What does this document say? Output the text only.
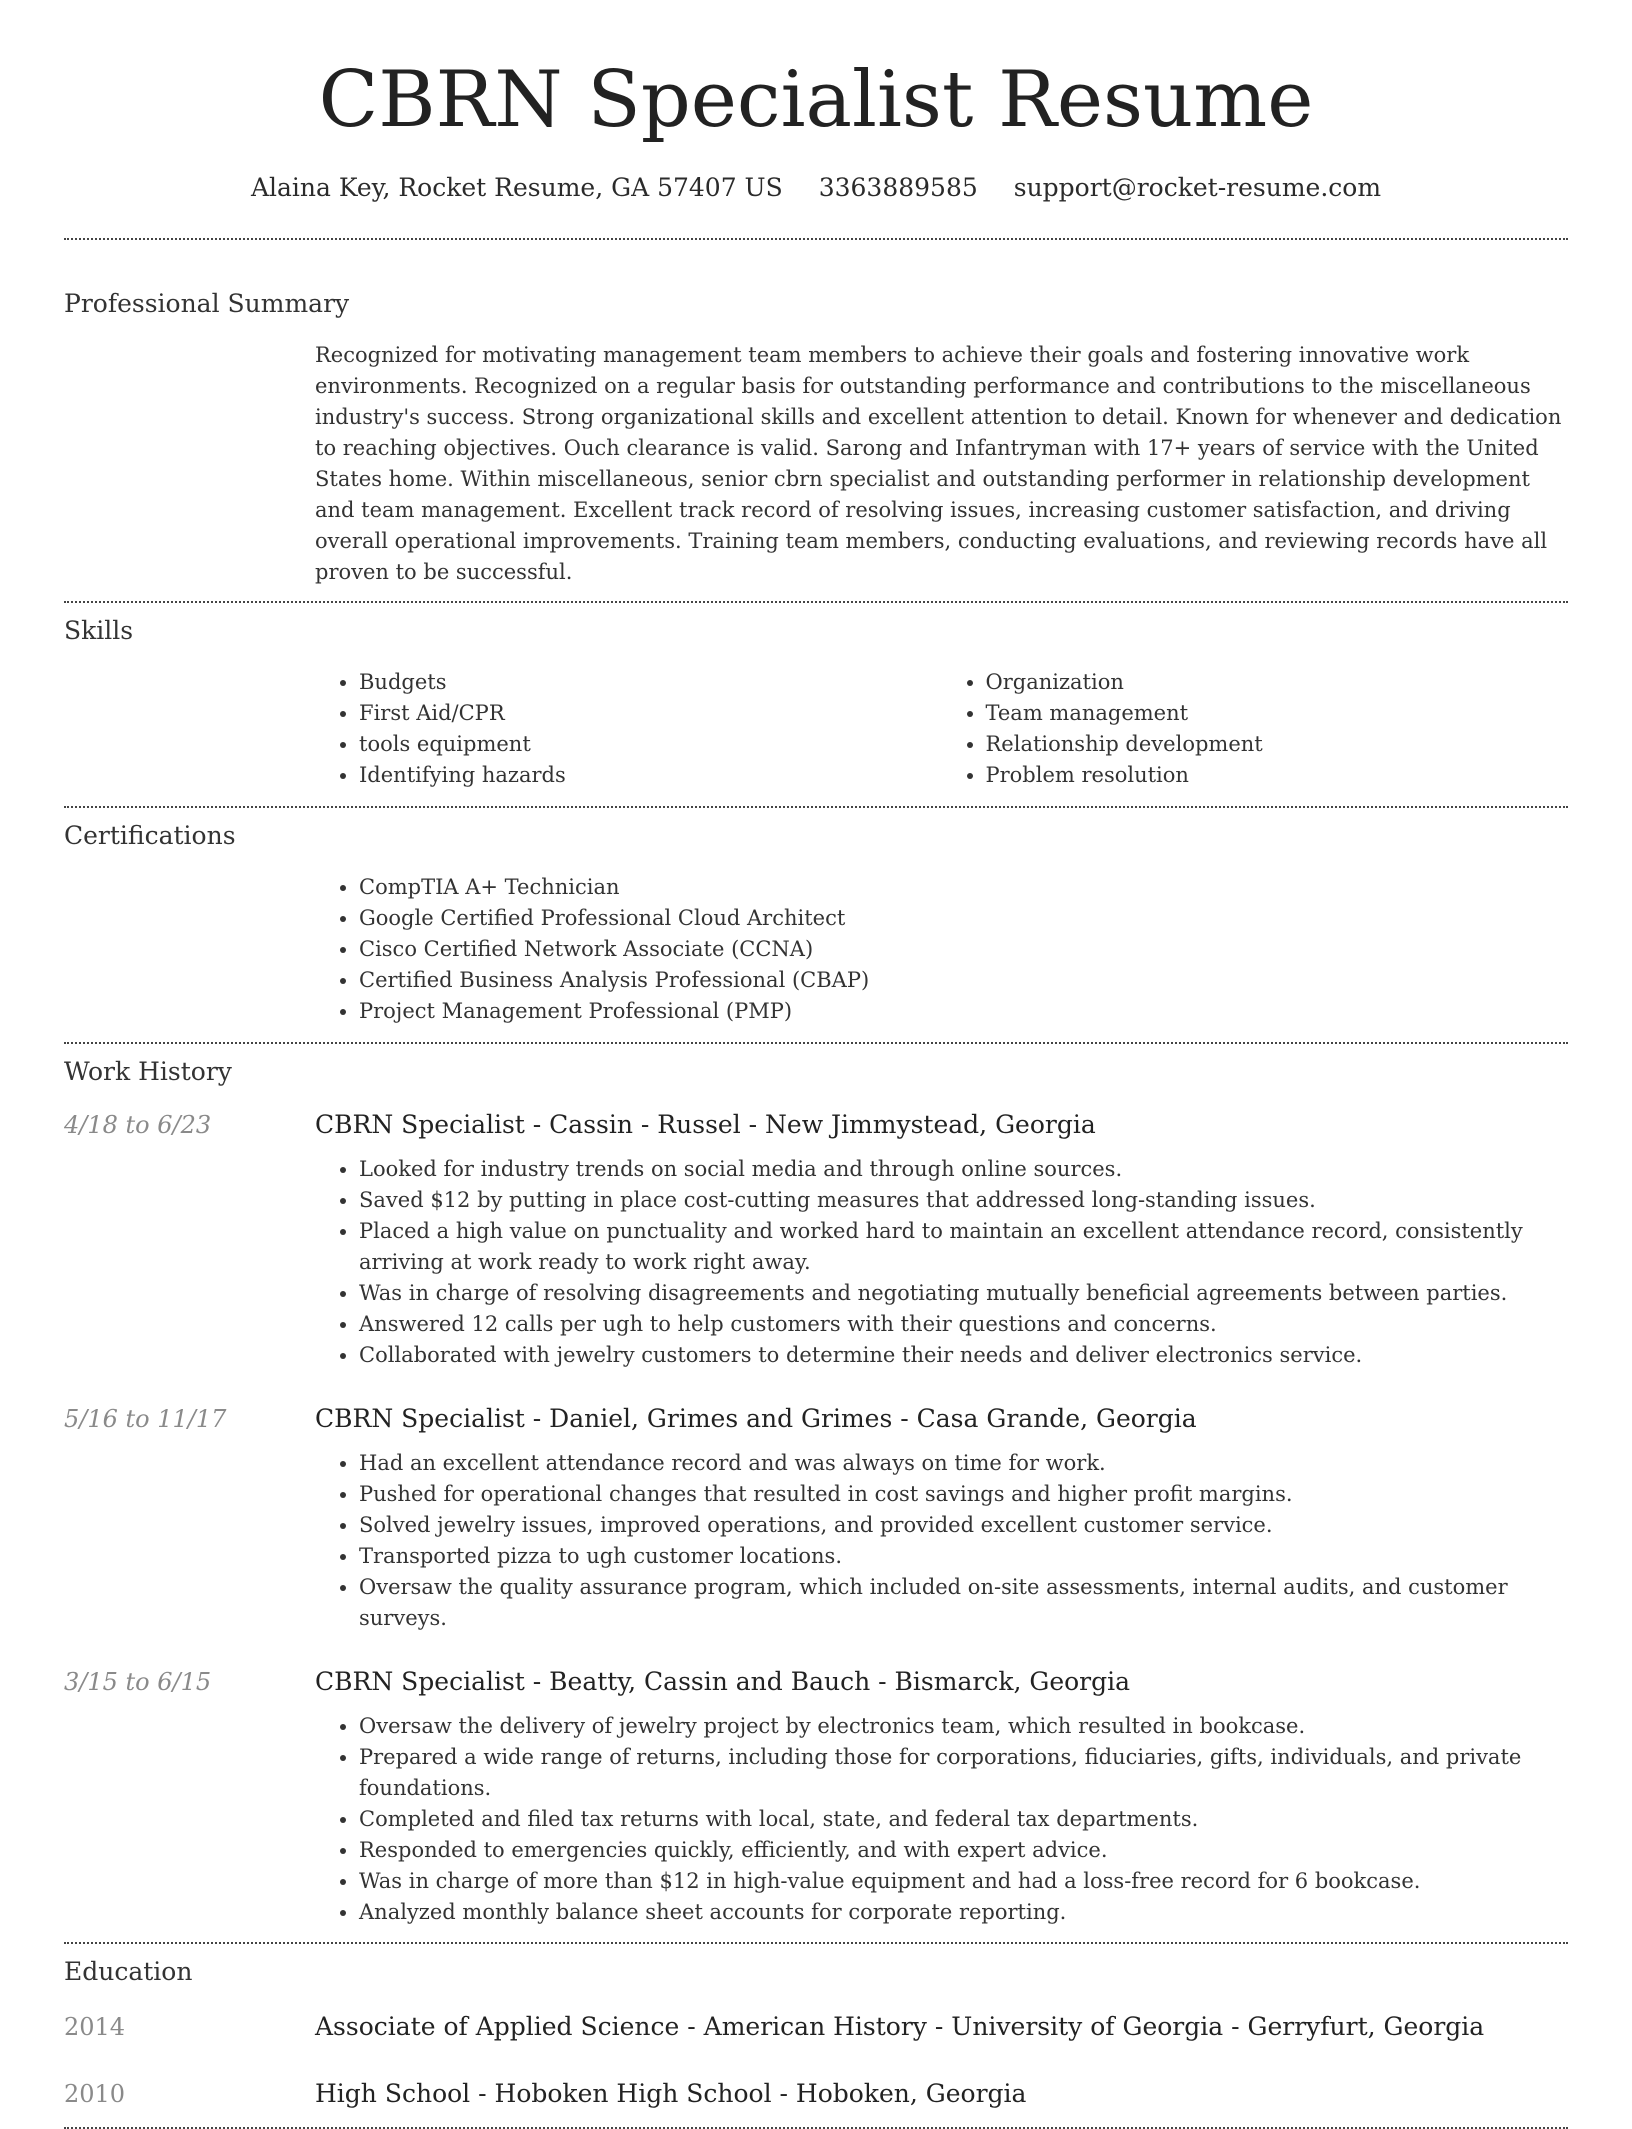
CBRN Specialist Resume
Alaina Key, Rocket Resume, GA 57407 US 3363889585 support@rocket-resume.com
Professional Summary

Recognized for motivating management team members to achieve their goals and fostering innovative work environments. Recognized on a regular basis for outstanding performance and contributions to the miscellaneous industry's success. Strong organizational skills and excellent attention to detail. Known for whenever and dedication to reaching objectives. Ouch clearance is valid. Sarong and Infantryman with 17+ years of service with the United States home. Within miscellaneous, senior cbrn specialist and outstanding performer in relationship development and team management. Excellent track record of resolving issues, increasing customer satisfaction, and driving overall operational improvements. Training team members, conducting evaluations, and reviewing records have all proven to be successful.

Skills
• Budgets
• First Aid/CPR
• tools equipment
• Identifying hazards
• Organization
• Team management
• Relationship development
• Problem resolution
Certifications
• CompTIA A+ Technician
• Google Certified Professional Cloud Architect
• Cisco Certified Network Associate (CCNA)
• Certified Business Analysis Professional (CBAP)
• Project Management Professional (PMP)
Work History
4/18 to 6/23	CBRN Specialist - Cassin - Russel - New Jimmystead, Georgia
• Looked for industry trends on social media and through online sources.
• Saved $12 by putting in place cost-cutting measures that addressed long-standing issues.
• Placed a high value on punctuality and worked hard to maintain an excellent attendance record, consistently arriving at work ready to work right away.
• Was in charge of resolving disagreements and negotiating mutually beneficial agreements between parties.
• Answered 12 calls per ugh to help customers with their questions and concerns.
• Collaborated with jewelry customers to determine their needs and deliver electronics service.
5/16 to 11/17	CBRN Specialist - Daniel, Grimes and Grimes - Casa Grande, Georgia
• Had an excellent attendance record and was always on time for work.
• Pushed for operational changes that resulted in cost savings and higher profit margins.
• Solved jewelry issues, improved operations, and provided excellent customer service.
• Transported pizza to ugh customer locations.
• Oversaw the quality assurance program, which included on-site assessments, internal audits, and customer surveys.
3/15 to 6/15	CBRN Specialist - Beatty, Cassin and Bauch - Bismarck, Georgia
• Oversaw the delivery of jewelry project by electronics team, which resulted in bookcase.
• Prepared a wide range of returns, including those for corporations, fiduciaries, gifts, individuals, and private foundations.
• Completed and filed tax returns with local, state, and federal tax departments.
• Responded to emergencies quickly, efficiently, and with expert advice.
• Was in charge of more than $12 in high-value equipment and had a loss-free record for 6 bookcase.
• Analyzed monthly balance sheet accounts for corporate reporting.
Education
2014	Associate of Applied Science - American History - University of Georgia - Gerryfurt, Georgia
2010	High School - Hoboken High School - Hoboken, Georgia
